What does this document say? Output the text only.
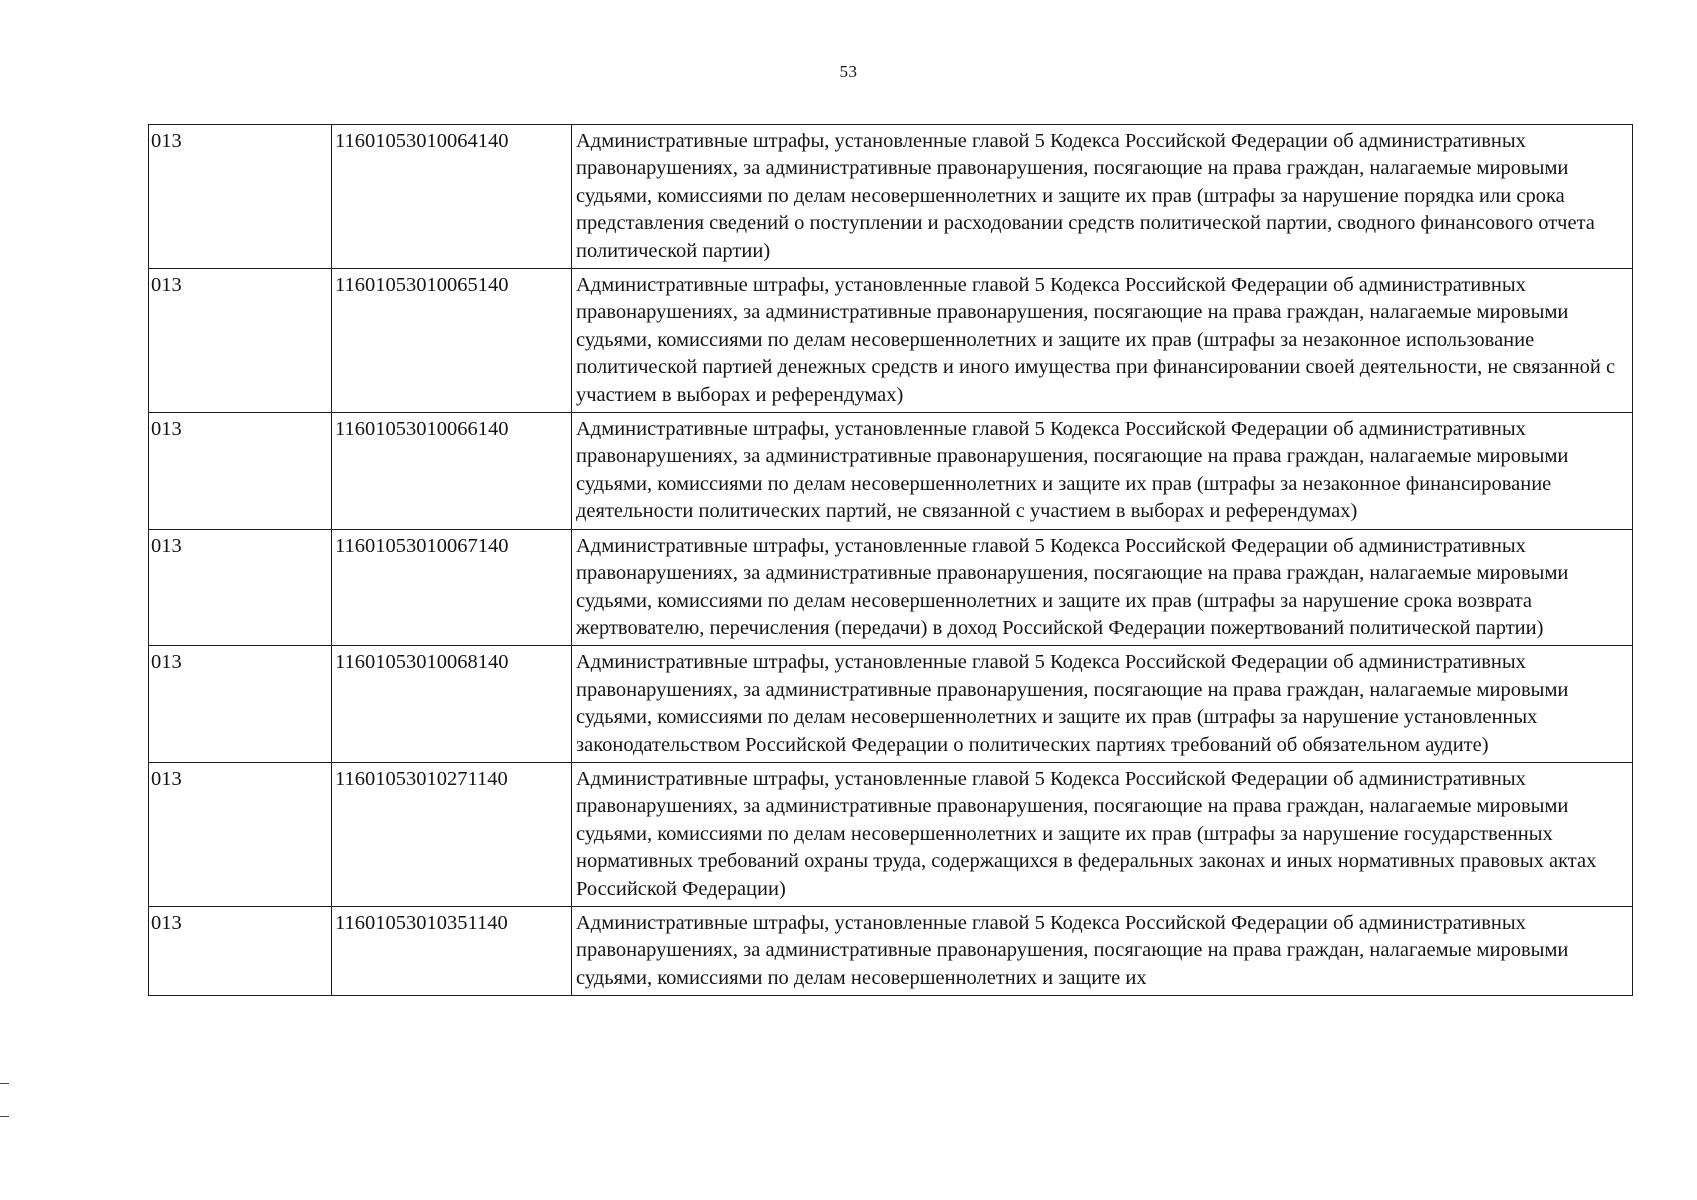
53
013	11601053010064140	Административные штрафы, установленные главой 5 Кодекса Российской Федерации об административных правонарушениях, за административные правонарушения, посягающие на права граждан, налагаемые мировыми судьями, комиссиями по делам несовершеннолетних и защите их прав (штрафы за нарушение порядка или срока представления сведений о поступлении и расходовании средств политической партии, сводного финансового отчета политической партии)
013	11601053010065140	Административные штрафы, установленные главой 5 Кодекса Российской Федерации об административных правонарушениях, за административные правонарушения, посягающие на права граждан, налагаемые мировыми судьями, комиссиями по делам несовершеннолетних и защите их прав (штрафы за незаконное использование политической партией денежных средств и иного имущества при финансировании своей деятельности, не связанной с участием в выборах и референдумах)
013	11601053010066140	Административные штрафы, установленные главой 5 Кодекса Российской Федерации об административных правонарушениях, за административные правонарушения, посягающие на права граждан, налагаемые мировыми судьями, комиссиями по делам несовершеннолетних и защите их прав (штрафы за незаконное финансирование деятельности политических партий, не связанной с участием в выборах и референдумах)
013	11601053010067140	Административные штрафы, установленные главой 5 Кодекса Российской Федерации об административных правонарушениях, за административные правонарушения, посягающие на права граждан, налагаемые мировыми судьями, комиссиями по делам несовершеннолетних и защите их прав (штрафы за нарушение срока возврата жертвователю, перечисления (передачи) в доход Российской Федерации пожертвований политической партии)
013	11601053010068140	Административные штрафы, установленные главой 5 Кодекса Российской Федерации об административных правонарушениях, за административные правонарушения, посягающие на права граждан, налагаемые мировыми судьями, комиссиями по делам несовершеннолетних и защите их прав (штрафы за нарушение установленных законодательством Российской Федерации о политических партиях требований об обязательном аудите)
013	11601053010271140	Административные штрафы, установленные главой 5 Кодекса Российской Федерации об административных правонарушениях, за административные правонарушения, посягающие на права граждан, налагаемые мировыми судьями, комиссиями по делам несовершеннолетних и защите их прав (штрафы за нарушение государственных нормативных требований охраны труда, содержащихся в федеральных законах и иных нормативных правовых актах Российской Федерации)
013	11601053010351140	Административные штрафы, установленные главой 5 Кодекса Российской Федерации об административных правонарушениях, за административные правонарушения, посягающие на права граждан, налагаемые мировыми судьями, комиссиями по делам несовершеннолетних и защите их
